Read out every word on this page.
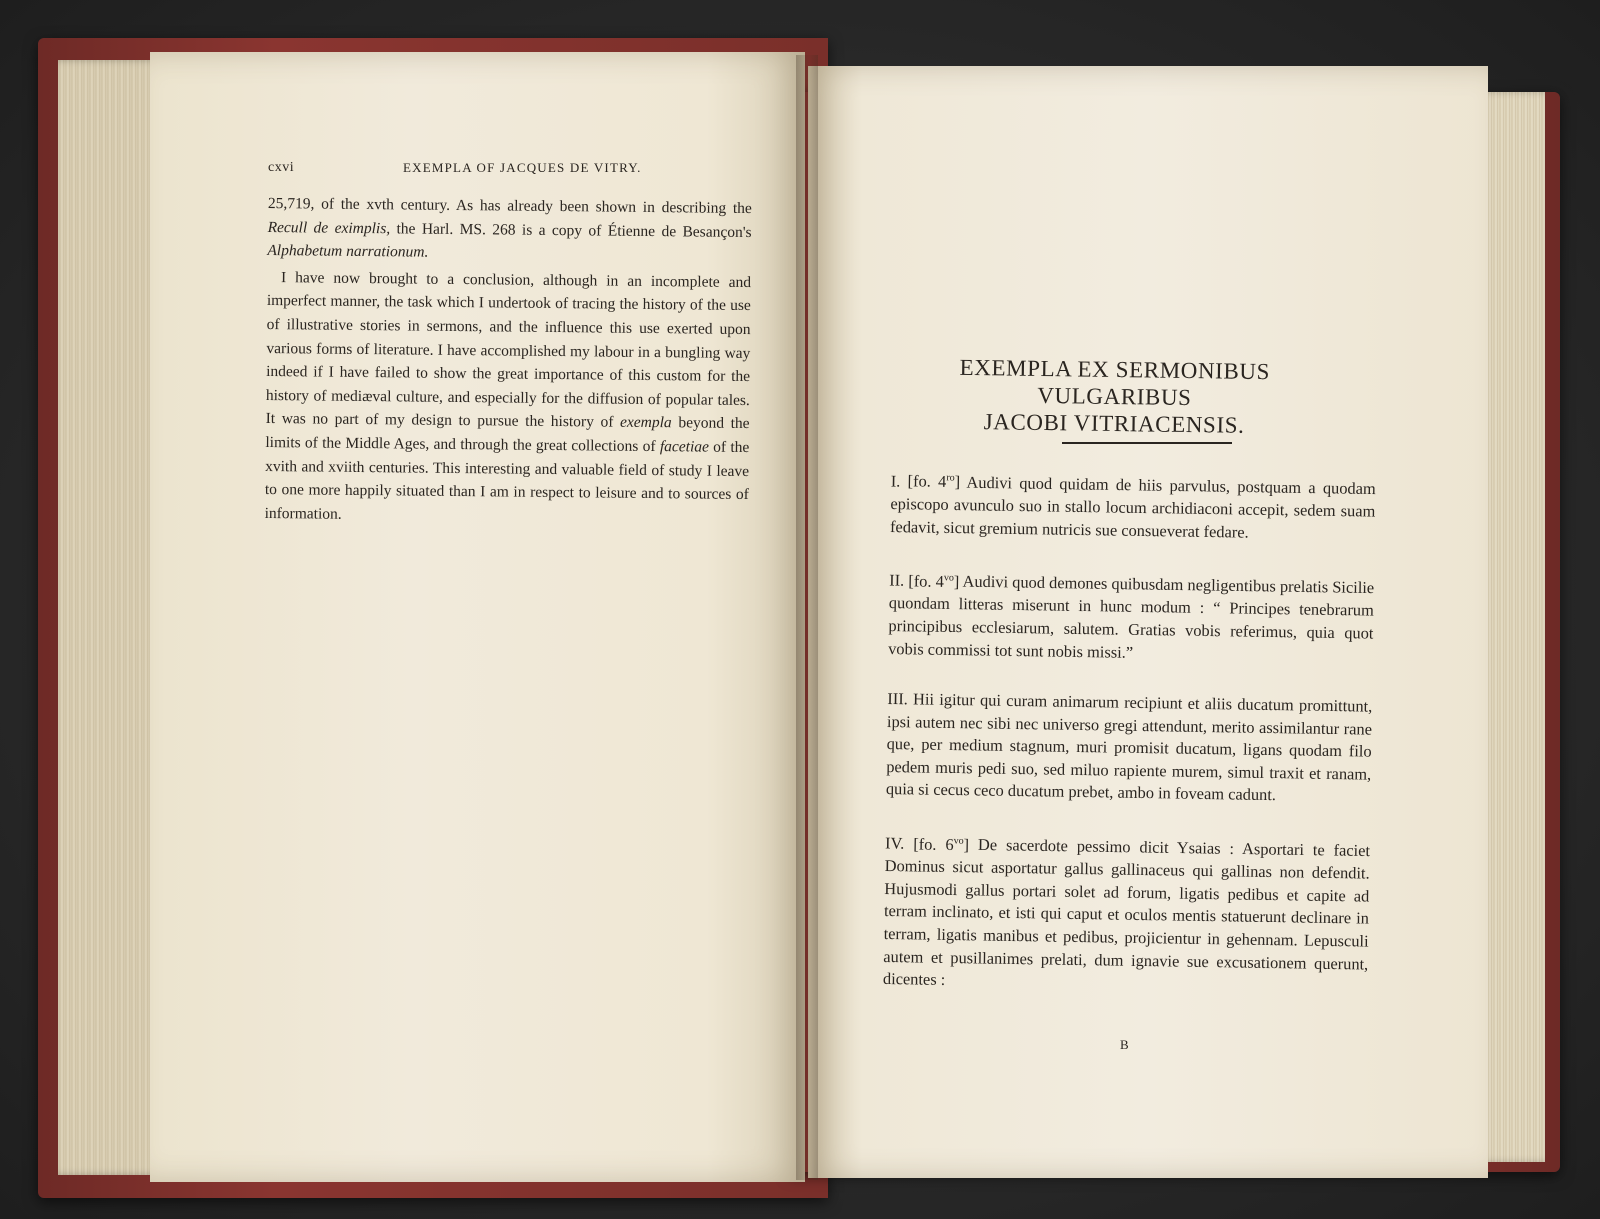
cxvi	EXEMPLA OF JACQUES DE VITRY.

25,719, of the xvth century. As has already been shown in describing the Recull de eximplis, the Harl. MS. 268 is a copy of Étienne de Besançon's Alphabetum narrationum.

I have now brought to a conclusion, although in an incomplete and imperfect manner, the task which I undertook of tracing the history of the use of illustrative stories in sermons, and the influence this use exerted upon various forms of literature. I have accomplished my labour in a bungling way indeed if I have failed to show the great importance of this custom for the history of mediæval culture, and especially for the diffusion of popular tales. It was no part of my design to pursue the history of exempla beyond the limits of the Middle Ages, and through the great collections of facetiae of the xvith and xviith centuries. This interesting and valuable field of study I leave to one more happily situated than I am in respect to leisure and to sources of information.

EXEMPLA EX SERMONIBUS VULGARIBUS
JACOBI VITRIACENSIS.

I. [fo. $4^{ro}$] Audivi quod quidam de hiis parvulus, postquam a quodam episcopo avunculo suo in stallo locum archidiaconi accepit, sedem suam fedavit, sicut gremium nutricis sue consueverat fedare.

II. [fo. $4^{vo}$] Audivi quod demones quibusdam negligentibus prelatis Sicilie quondam litteras miserunt in hunc modum : “ Principes tenebrarum principibus ecclesiarum, salutem. Gratias vobis referimus, quia quot vobis commissi tot sunt nobis missi.”

III. Hii igitur qui curam animarum recipiunt et aliis ducatum promittunt, ipsi autem nec sibi nec universo gregi attendunt, merito assimilantur rane que, per medium stagnum, muri promisit ducatum, ligans quodam filo pedem muris pedi suo, sed miluo rapiente murem, simul traxit et ranam, quia si cecus ceco ducatum prebet, ambo in foveam cadunt.

IV. [fo. $6^{vo}$] De sacerdote pessimo dicit Ysaias : Asportari te faciet Dominus sicut asportatur gallus gallinaceus qui gallinas non defendit. Hujusmodi gallus portari solet ad forum, ligatis pedibus et capite ad terram inclinato, et isti qui caput et oculos mentis statuerunt declinare in terram, ligatis manibus et pedibus, projicientur in gehennam. Lepusculi autem et pusillanimes prelati, dum ignavie sue excusationem querunt, dicentes :

B
